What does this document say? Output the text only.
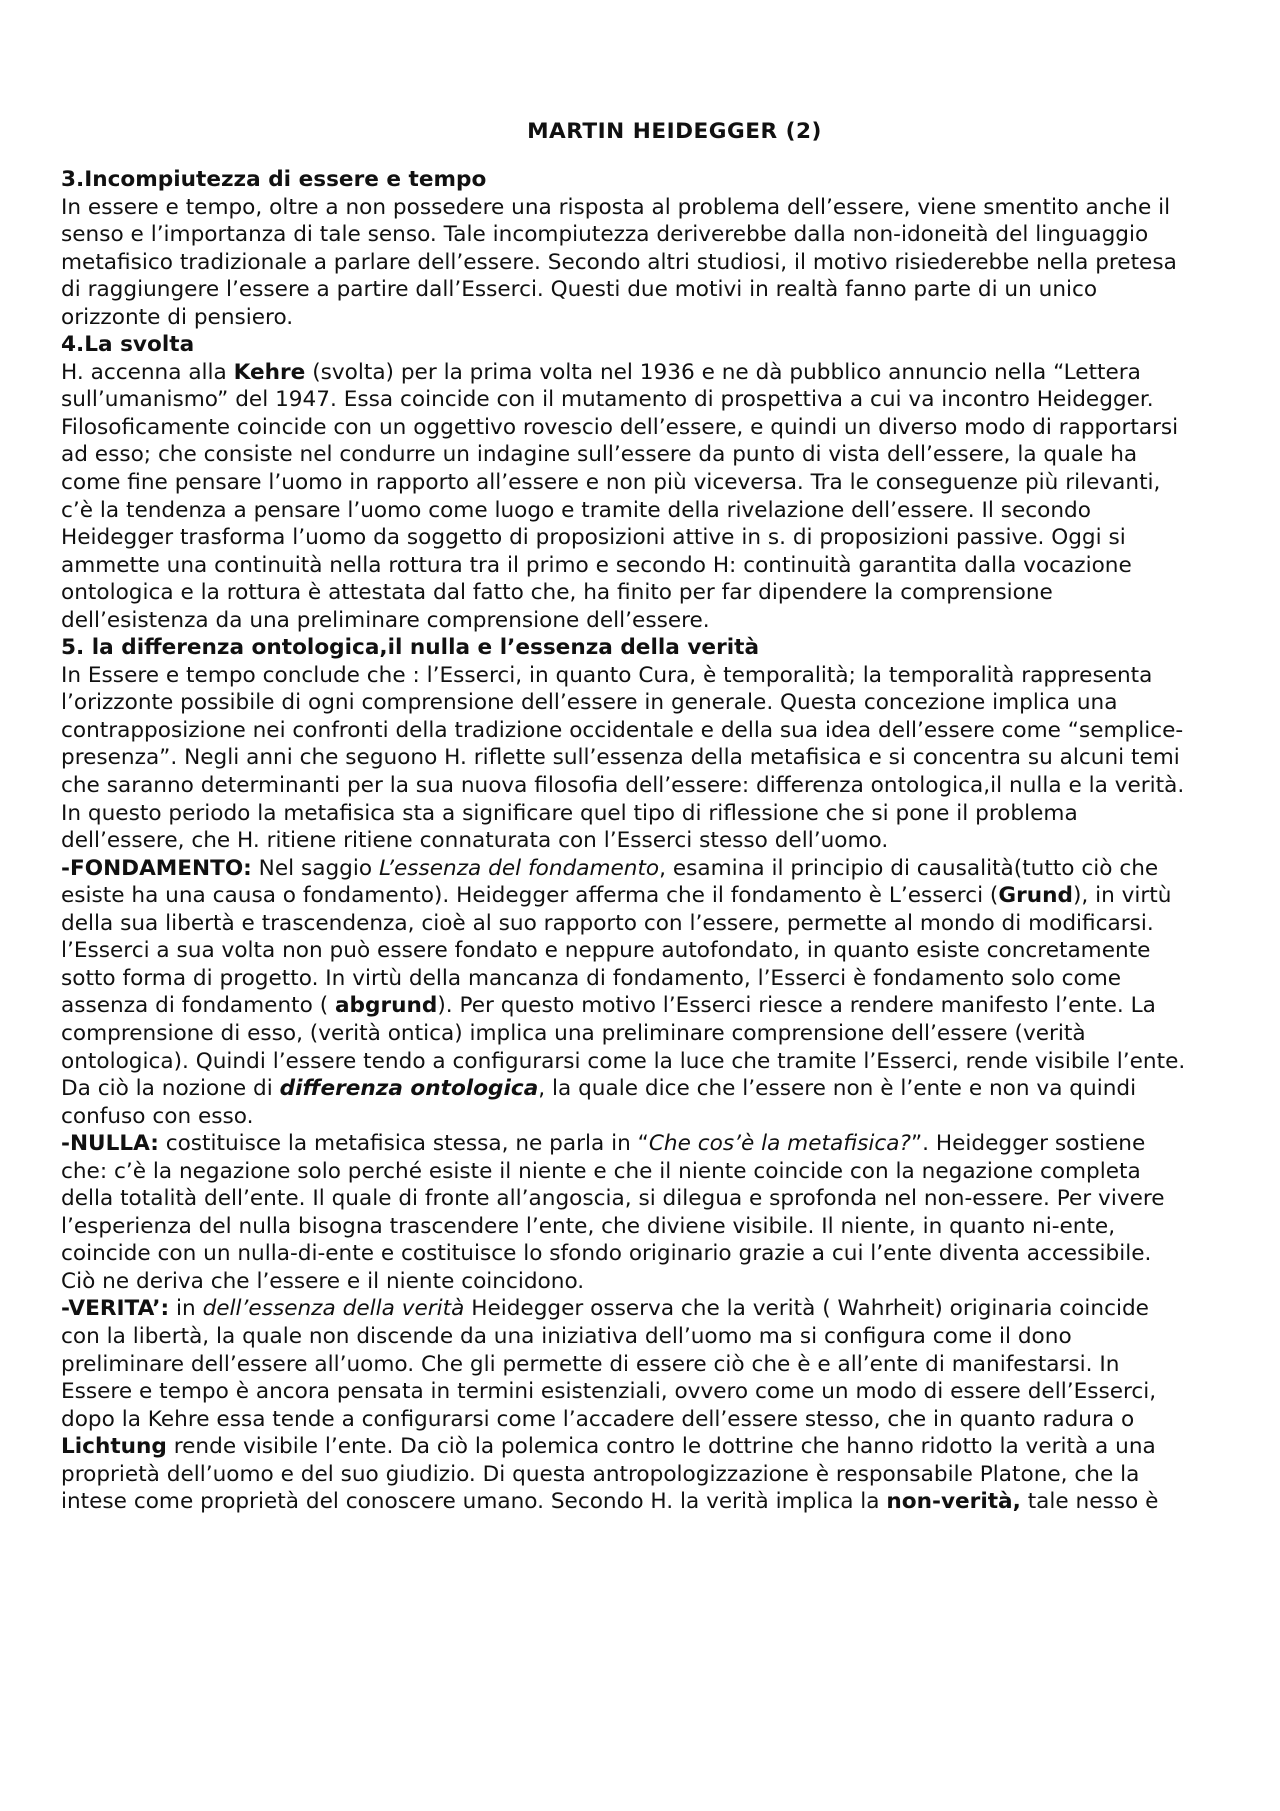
MARTIN HEIDEGGER (2)
3.Incompiutezza di essere e tempo

In essere e tempo, oltre a non possedere una risposta al problema dell’essere, viene smentito anche il senso e l’importanza di tale senso. Tale incompiutezza deriverebbe dalla non-idoneità del linguaggio metafisico tradizionale a parlare dell’essere. Secondo altri studiosi, il motivo risiederebbe nella pretesa di raggiungere l’essere a partire dall’Esserci. Questi due motivi in realtà fanno parte di un unico orizzonte di pensiero.

4.La svolta

H. accenna alla Kehre (svolta) per la prima volta nel 1936 e ne dà pubblico annuncio nella “Lettera sull’umanismo” del 1947. Essa coincide con il mutamento di prospettiva a cui va incontro Heidegger. Filosoficamente coincide con un oggettivo rovescio dell’essere, e quindi un diverso modo di rapportarsi ad esso; che consiste nel condurre un indagine sull’essere da punto di vista dell’essere, la quale ha come fine pensare l’uomo in rapporto all’essere e non più viceversa. Tra le conseguenze più rilevanti, c’è la tendenza a pensare l’uomo come luogo e tramite della rivelazione dell’essere. Il secondo Heidegger trasforma l’uomo da soggetto di proposizioni attive in s. di proposizioni passive. Oggi si ammette una continuità nella rottura tra il primo e secondo H: continuità garantita dalla vocazione ontologica e la rottura è attestata dal fatto che, ha finito per far dipendere la comprensione dell’esistenza da una preliminare comprensione dell’essere.

5. la differenza ontologica,il nulla e l’essenza della verità

In Essere e tempo conclude che : l’Esserci, in quanto Cura, è temporalità; la temporalità rappresenta l’orizzonte possibile di ogni comprensione dell’essere in generale. Questa concezione implica una contrapposizione nei confronti della tradizione occidentale e della sua idea dell’essere come “semplice-presenza”. Negli anni che seguono H. riflette sull’essenza della metafisica e si concentra su alcuni temi che saranno determinanti per la sua nuova filosofia dell’essere: differenza ontologica,il nulla e la verità. In questo periodo la metafisica sta a significare quel tipo di riflessione che si pone il problema dell’essere, che H. ritiene ritiene connaturata con l’Esserci stesso dell’uomo.

-FONDAMENTO: Nel saggio L’essenza del fondamento, esamina il principio di causalità(tutto ciò che esiste ha una causa o fondamento). Heidegger afferma che il fondamento è L’esserci (Grund), in virtù della sua libertà e trascendenza, cioè al suo rapporto con l’essere, permette al mondo di modificarsi. l’Esserci a sua volta non può essere fondato e neppure autofondato, in quanto esiste concretamente sotto forma di progetto. In virtù della mancanza di fondamento, l’Esserci è fondamento solo come assenza di fondamento ( abgrund). Per questo motivo l’Esserci riesce a rendere manifesto l’ente. La comprensione di esso, (verità ontica) implica una preliminare comprensione dell’essere (verità ontologica). Quindi l’essere tendo a configurarsi come la luce che tramite l’Esserci, rende visibile l’ente. Da ciò la nozione di differenza ontologica, la quale dice che l’essere non è l’ente e non va quindi confuso con esso.

-NULLA: costituisce la metafisica stessa, ne parla in “Che cos’è la metafisica?”. Heidegger sostiene che: c’è la negazione solo perché esiste il niente e che il niente coincide con la negazione completa della totalità dell’ente. Il quale di fronte all’angoscia, si dilegua e sprofonda nel non-essere. Per vivere l’esperienza del nulla bisogna trascendere l’ente, che diviene visibile. Il niente, in quanto ni-ente, coincide con un nulla-di-ente e costituisce lo sfondo originario grazie a cui l’ente diventa accessibile. Ciò ne deriva che l’essere e il niente coincidono.

-VERITA’: in dell’essenza della verità Heidegger osserva che la verità ( Wahrheit) originaria coincide con la libertà, la quale non discende da una iniziativa dell’uomo ma si configura come il dono preliminare dell’essere all’uomo. Che gli permette di essere ciò che è e all’ente di manifestarsi. In Essere e tempo è ancora pensata in termini esistenziali, ovvero come un modo di essere dell’Esserci, dopo la Kehre essa tende a configurarsi come l’accadere dell’essere stesso, che in quanto radura o Lichtung rende visibile l’ente. Da ciò la polemica contro le dottrine che hanno ridotto la verità a una proprietà dell’uomo e del suo giudizio. Di questa antropologizzazione è responsabile Platone, che la intese come proprietà del conoscere umano. Secondo H. la verità implica la non-verità, tale nesso è
